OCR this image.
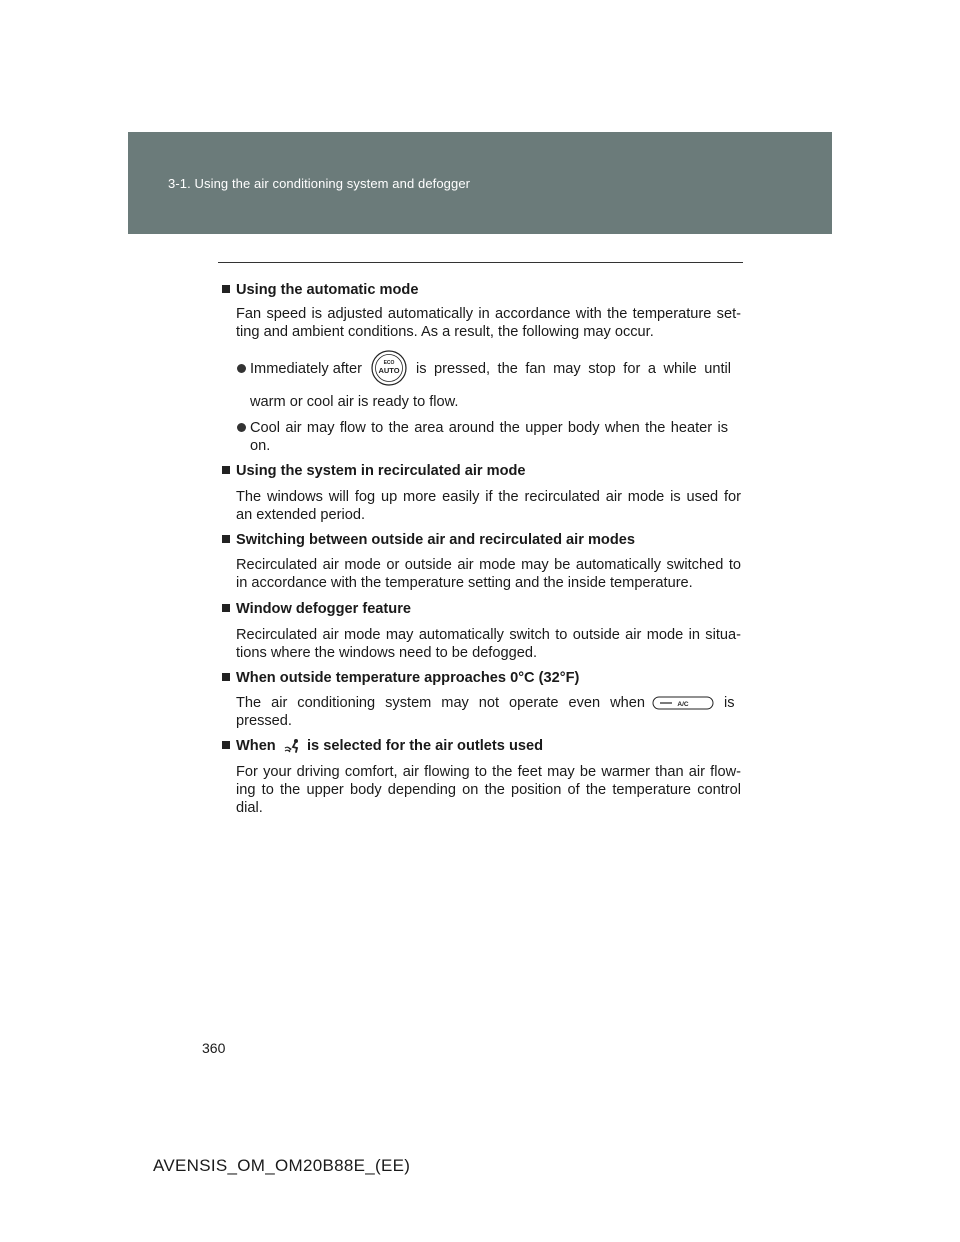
3-1. Using the air conditioning system and defogger
Using the automatic mode
Fan speed is adjusted automatically in accordance with the temperature set-
ting and ambient conditions. As a result, the following may occur.
Immediately after	ECO
AUTO is pressed, the fan may stop for a while until
warm or cool air is ready to flow.
Cool air may flow to the area around the upper body when the heater is
on.
Using the system in recirculated air mode
The windows will fog up more easily if the recirculated air mode is used for
an extended period.
Switching between outside air and recirculated air modes
Recirculated air mode or outside air mode may be automatically switched to
in accordance with the temperature setting and the inside temperature.
Window defogger feature
Recirculated air mode may automatically switch to outside air mode in situa-
tions where the windows need to be defogged.
When outside temperature approaches 0°C (32°F)
The air conditioning system may not operate even when	A/C is
pressed.
When is selected for the air outlets used
For your driving comfort, air flowing to the feet may be warmer than air flow-
ing to the upper body depending on the position of the temperature control
dial.
360
AVENSIS_OM_OM20B88E_(EE)
